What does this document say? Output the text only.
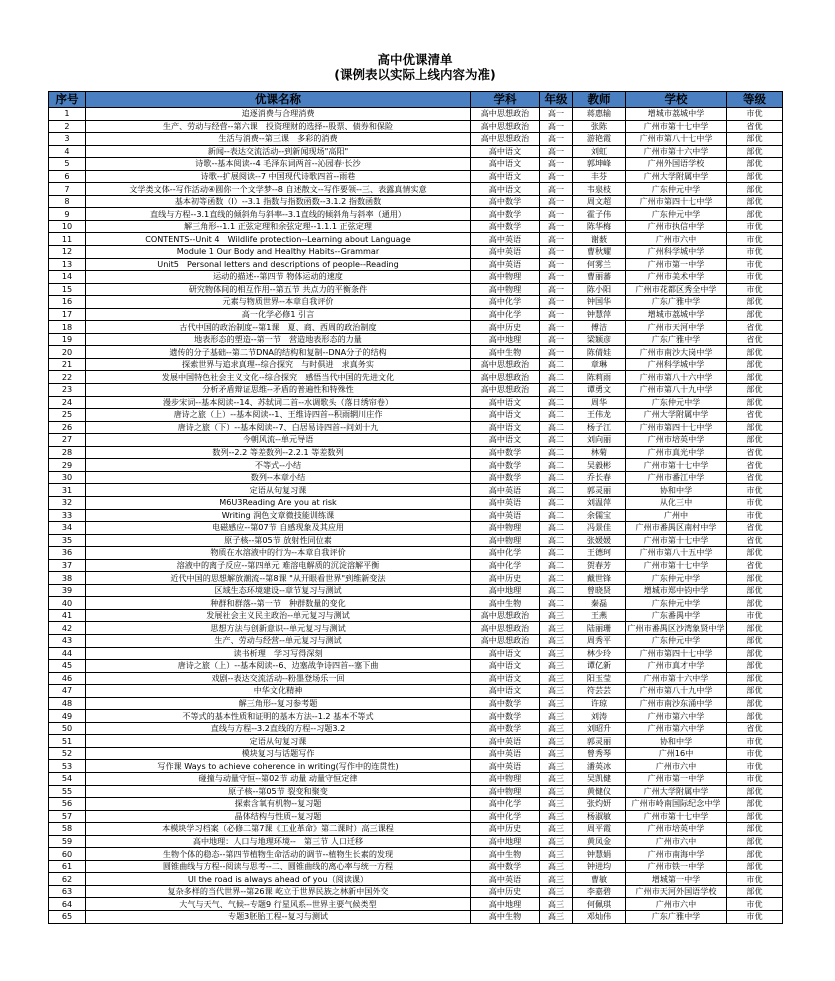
高中优课清单
(课例表以实际上线内容为准)
序号	优课名称	学科	年级	教师	学校	等级
1	追逐消费与合理消费	高中思想政治	高一	蒋惠输	增城市荔城中学	市优
2	生产、劳动与经营--第六课　投资理财的选择--股票、债券和保险	高中思想政治	高一	张陈	广州市第十七中学	省优
3	生活与消费--第三课　多彩的消费	高中思想政治	高一	游艳霞	广州市第八十七中学	部优
4	新闻--表达交流活动--到新闻现场"高阳"	高中语文	高一	刘虹	广州市第十六中学	部优
5	诗歌--基本阅读--4 毛泽东词两首--沁园春·长沙	高中语文	高一	郭坤峰	广州外国语学校	部优
6	诗歌--扩展阅读--7 中国现代诗歌四首--雨巷	高中语文	高一	丰芬	广州大学附属中学	部优
7	文学类文体--写作活动④圆你一个文学梦--8 自述散文--写作要领--三、表露真情实意	高中语文	高一	韦泉枝	广东仲元中学	部优
8	基本初等函数（Ⅰ）--3.1 指数与指数函数--3.1.2 指数函数	高中数学	高一	周文超	广州市第四十七中学	部优
9	直线与方程--3.1直线的倾斜角与斜率--3.1直线的倾斜角与斜率（通用）	高中数学	高一	霍子伟	广东仲元中学	部优
10	解三角形--1.1 正弦定理和余弦定理--1.1.1 正弦定理	高中数学	高一	陈华梅	广州市执信中学	市优
11	CONTENTS--Unit 4　Wildlife protection--Learning about Language	高中英语	高一	谢薮	广州市六中	市优
12	Module 1 Our Body and Healthy Habits--Grammar	高中英语	高一	曹秋耀	广州科学城中学	市优
13	Unit5　Personal letters and descriptions of people--Reading	高中英语	高一	何雾兰	广州市第一中学	市优
14	运动的描述--第四节 物体运动的速度	高中物理	高一	曹丽蕃	广州市美术中学	市优
15	研究物体间的相互作用--第五节 共点力的平衡条件	高中物理	高一	陈小阳	广州市花都区秀全中学	市优
16	元素与物质世界--本章自我评价	高中化学	高一	钟国华	广东广雅中学	部优
17	高一化学必修1 引言	高中化学	高一	钟慧萍	增城市荔城中学	部优
18	古代中国的政治制度--第1课　夏、商、西周的政治制度	高中历史	高一	傅洁	广州市天河中学	省优
19	地表形态的塑造--第一节　营造地表形态的力量	高中地理	高一	梁颖彦	广东广雅中学	省优
20	遗传的分子基础--第二节DNA的结构和复制--DNA分子的结构	高中生物	高一	陈倩娃	广州市南沙大岗中学	部优
21	探索世界与追求真理--综合探究　与时俱进　求真务实	高中思想政治	高二	章琳	广州科学城中学	部优
22	发展中国特色社会主义文化--综合探究　感悟当代中国的先进文化	高中思想政治	高二	陈莉雨	广州市第八十六中学	部优
23	分析矛盾辩证思维--矛盾的普遍性和特殊性	高中思想政治	高二	谭勇文	广州市第八十九中学	部优
24	漫步宋词--基本阅读--14、苏轼词二首--水调歌头（落日绣帘卷）	高中语文	高二	周华	广东仲元中学	部优
25	唐诗之旅（上）--基本阅读--1、王维诗四首--积雨辋川庄作	高中语文	高二	王伟龙	广州大学附属中学	省优
26	唐诗之旅（下）--基本阅读--7、白居易诗四首--问刘十九	高中语文	高二	杨子江	广州市第四十七中学	部优
27	今朝风流--单元导语	高中语文	高二	刘向丽	广州市培英中学	部优
28	数列--2.2 等差数列--2.2.1 等差数列	高中数学	高二	林菊	广州市真光中学	省优
29	不等式--小结	高中数学	高二	吴毅彬	广州市第十七中学	省优
30	数列--本章小结	高中数学	高二	乔长春	广州市番江中学	省优
31	定语从句复习课	高中英语	高二	郭灵丽	协和中学	市优
32	M6U3Reading Are you at risk	高中英语	高二	刘温萍	从化三中	市优
33	Writing 润色文章微技能训练课	高中英语	高二	余儒宝	广州中	市优
34	电磁感应--第07节 自感现象及其应用	高中物理	高二	冯景佳	广州市番禺区南村中学	省优
35	原子核--第05节 放射性同位素	高中物理	高二	张媛媛	广州市第十七中学	省优
36	物质在水溶液中的行为--本章自我评价	高中化学	高二	王德珂	广州市第八十五中学	部优
37	溶液中的离子反应--第四单元 难溶电解质的沉淀溶解平衡	高中化学	高二	贺春芳	广州市第十七中学	省优
38	近代中国的思想解放潮流--第8课 "从开眼看世界"到维新变法	高中历史	高二	戴世锋	广东仲元中学	部优
39	区域生态环境建设--章节复习与测试	高中地理	高二	曾晓贤	增城市郑中钧中学	部优
40	种群和群落--第一节　种群数量的变化	高中生物	高二	秦磊	广东仲元中学	部优
41	发展社会主义民主政治--单元复习与测试	高中思想政治	高三	王燕	广东番禺中学	市优
42	思想方法与创新意识--单元复习与测试	高中思想政治	高三	陆丽珊	广州市番禺区沙湾象贤中学	部优
43	生产、劳动与经营--单元复习与测试	高中思想政治	高三	周秀平	广东仲元中学	部优
44	读书析理　学习写得深刻	高中语文	高三	林少玲	广州市第四十七中学	部优
45	唐诗之旅（上）--基本阅读--6、边塞战争诗四首--塞下曲	高中语文	高三	谭亿新	广州市真才中学	部优
46	戏剧--表达交流活动--粉墨登场乐一回	高中语文	高三	阳玉莹	广州市第十六中学	部优
47	中华文化精神	高中语文	高三	符芸芸	广州市第八十九中学	部优
48	解三角形--复习参考题	高中数学	高三	许琼	广州市南沙东涌中学	部优
49	不等式的基本性质和证明的基本方法--1.2 基本不等式	高中数学	高三	刘涛	广州市第六中学	部优
50	直线与方程--3.2直线的方程--习题3.2	高中数学	高三	刘昭升	广州市第六中学	省优
51	定语从句复习课	高中英语	高三	郭灵丽	协和中学	市优
52	模块复习与话题写作	高中英语	高三	曾秀琴	广州16中	市优
53	写作课 Ways to achieve coherence in writing(写作中的连贯性)	高中英语	高三	潘英冰	广州市六中	市优
54	碰撞与动量守恒--第02节 动量 动量守恒定律	高中物理	高三	吴凯健	广州市第一中学	市优
55	原子核--第05节 裂变和聚变	高中物理	高三	黄健仪	广州大学附属中学	部优
56	探索含氧有机物--复习题	高中化学	高三	张灼妍	广州市岭南国际纪念中学	部优
57	晶体结构与性质--复习题	高中化学	高三	杨淑敏	广州市第十七中学	部优
58	本模块学习档案（必修二第7课《工业革命》第二课时）高三课程	高中历史	高三	周平霞	广州市培英中学	部优
59	高中地理：人口与地理环境--　第三节 人口迁移	高中地理	高三	黄凤金	广州市六中	部优
60	生物个体的稳态--第四节植物生命活动的调节--植物生长素的发现	高中生物	高三	钟慧娟	广州市南海中学	部优
61	圆锥曲线与方程--阅读与思考--二、圆锥曲线的离心率与统一方程	高中数学	高三	钟进均	广州市铁一中学	部优
62	Ul the road is always ahead of you（阅读课）	高中英语	高三	曹敏	增城第一中学	市优
63	复杂多样的当代世界--第26课 屹立于世界民族之林新中国外交	高中历史	高三	李嘉碧	广州市天河外国语学校	部优
64	大气与天气、气候--专题9 行星风系--世界主要气候类型	高中地理	高三	何佩琪	广州市六中	市优
65	专题3胚胎工程--复习与测试	高中生物	高三	邓灿伟	广东广雅中学	市优
